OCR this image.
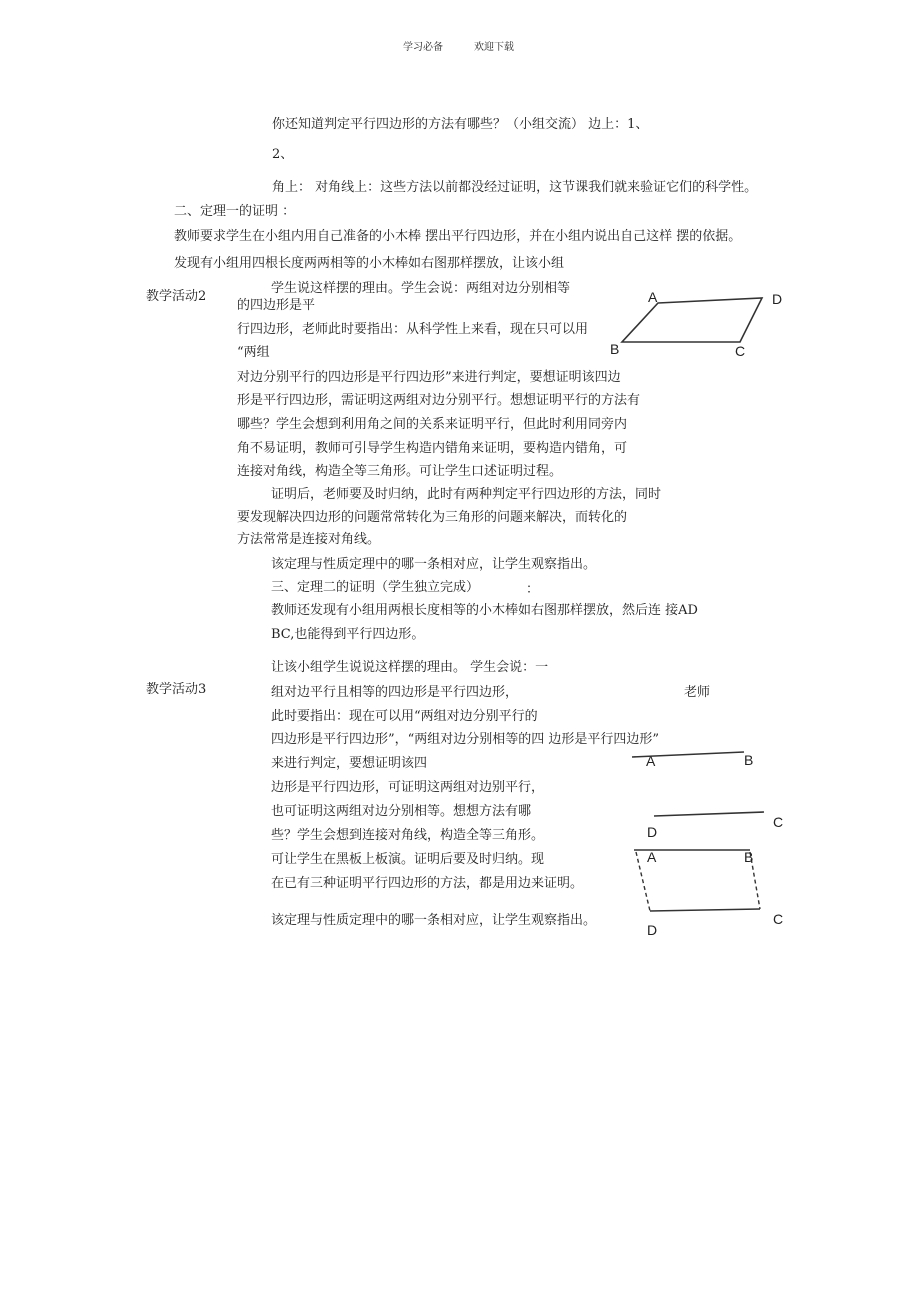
学习必备	欢迎下载
你还知道判定平行四边形的方法有哪些？（小组交流） 边上：1、
2、
角上： 对角线上：这些方法以前都没经过证明，这节课我们就来验证它们的科学性。
二、定理一的证明 ：
教师要求学生在小组内用自己准备的小木棒 摆出平行四边形，并在小组内说出自己这样 摆的依据。
发现有小组用四根长度两两相等的小木棒如右图那样摆放，让该小组
教学活动2
学生说这样摆的理由。学生会说：两组对边分别相等
的四边形是平
行四边形，老师此时要指出：从科学性上来看，现在只可以用
“两组
对边分别平行的四边形是平行四边形”来进行判定，要想证明该四边
形是平行四边形，需证明这两组对边分别平行。想想证明平行的方法有
哪些？学生会想到利用角之间的关系来证明平行，但此时利用同旁内
角不易证明，教师可引导学生构造内错角来证明，要构造内错角，可
连接对角线，构造全等三角形。可让学生口述证明过程。
证明后，老师要及时归纳，此时有两种判定平行四边形的方法，同时
要发现解决四边形的问题常常转化为三角形的问题来解决，而转化的
方法常常是连接对角线。
该定理与性质定理中的哪一条相对应，让学生观察指出。
三、定理二的证明（学生独立完成）	：
教师还发现有小组用两根长度相等的小木棒如右图那样摆放，然后连 接AD
BC,也能得到平行四边形。
教学活动3	老师
让该小组学生说说这样摆的理由。 学生会说：一
组对边平行且相等的四边形是平行四边形，
此时要指出：现在可以用“两组对边分别平行的
四边形是平行四边形”，“两组对边分别相等的四 边形是平行四边形”
来进行判定，要想证明该四
边形是平行四边形，可证明这两组对边别平行，
也可证明这两组对边分别相等。想想方法有哪
些？学生会想到连接对角线，构造全等三角形。
可让学生在黑板上板演。证明后要及时归纳。现
在已有三种证明平行四边形的方法，都是用边来证明。
该定理与性质定理中的哪一条相对应，让学生观察指出。
A	D
B	C
A	B
D
C
A	B
C
D
